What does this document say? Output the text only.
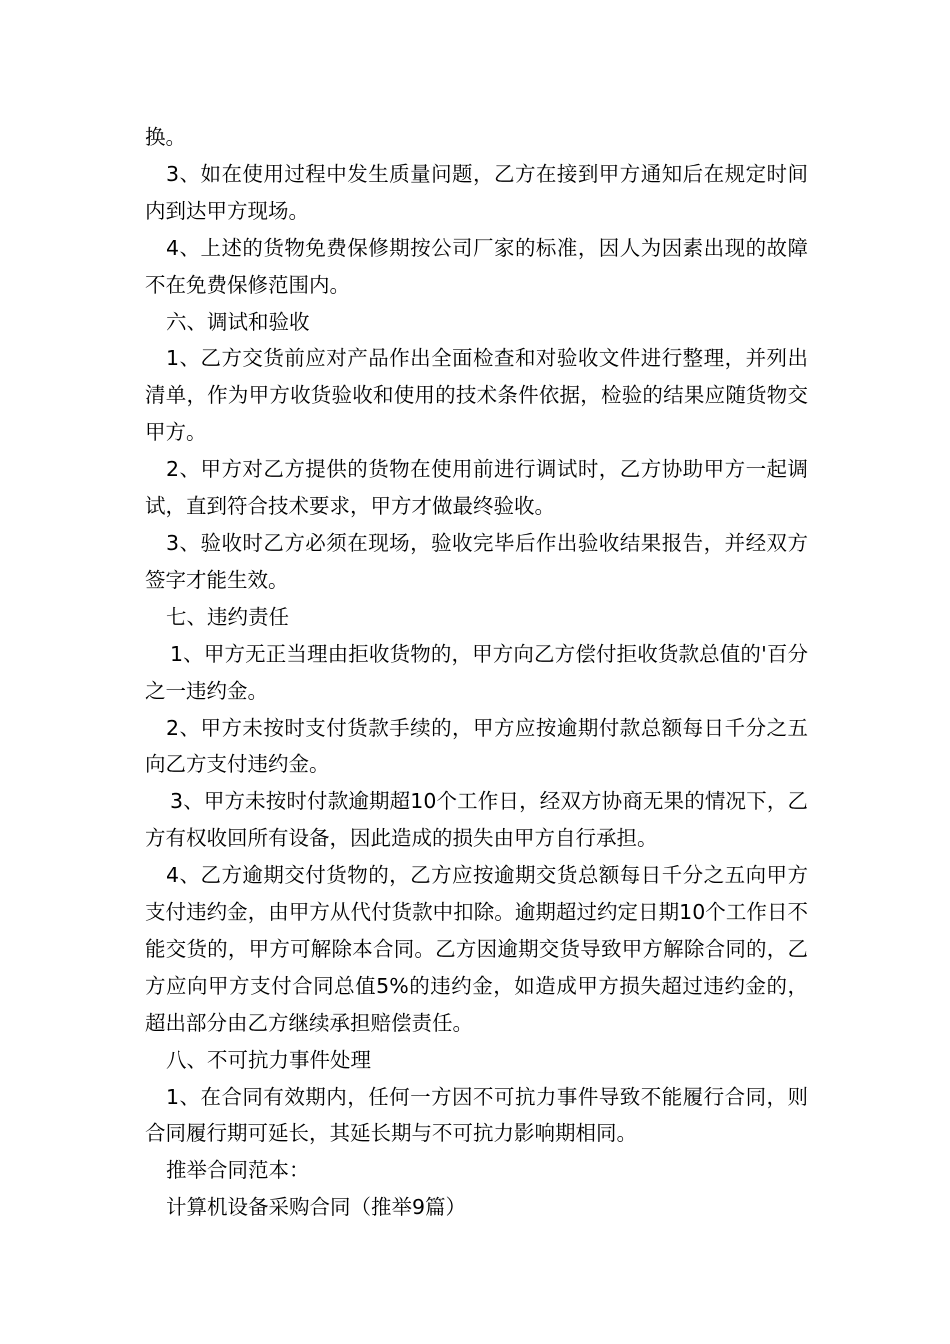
换。

3、如在使用过程中发生质量问题，乙方在接到甲方通知后在规定时间内到达甲方现场。

4、上述的货物免费保修期按公司厂家的标准，因人为因素出现的故障不在免费保修范围内。

六、调试和验收

1、乙方交货前应对产品作出全面检查和对验收文件进行整理，并列出清单，作为甲方收货验收和使用的技术条件依据，检验的结果应随货物交甲方。

2、甲方对乙方提供的货物在使用前进行调试时，乙方协助甲方一起调试，直到符合技术要求，甲方才做最终验收。

3、验收时乙方必须在现场，验收完毕后作出验收结果报告，并经双方签字才能生效。

七、违约责任

1、甲方无正当理由拒收货物的，甲方向乙方偿付拒收货款总值的'百分之一违约金。

2、甲方未按时支付货款手续的，甲方应按逾期付款总额每日千分之五向乙方支付违约金。

3、甲方未按时付款逾期超10个工作日，经双方协商无果的情况下，乙方有权收回所有设备，因此造成的损失由甲方自行承担。

4、乙方逾期交付货物的，乙方应按逾期交货总额每日千分之五向甲方支付违约金，由甲方从代付货款中扣除。逾期超过约定日期10个工作日不能交货的，甲方可解除本合同。乙方因逾期交货导致甲方解除合同的，乙方应向甲方支付合同总值5%的违约金，如造成甲方损失超过违约金的，超出部分由乙方继续承担赔偿责任。

八、不可抗力事件处理

1、在合同有效期内，任何一方因不可抗力事件导致不能履行合同，则合同履行期可延长，其延长期与不可抗力影响期相同。

推举合同范本：

计算机设备采购合同（推举9篇）
